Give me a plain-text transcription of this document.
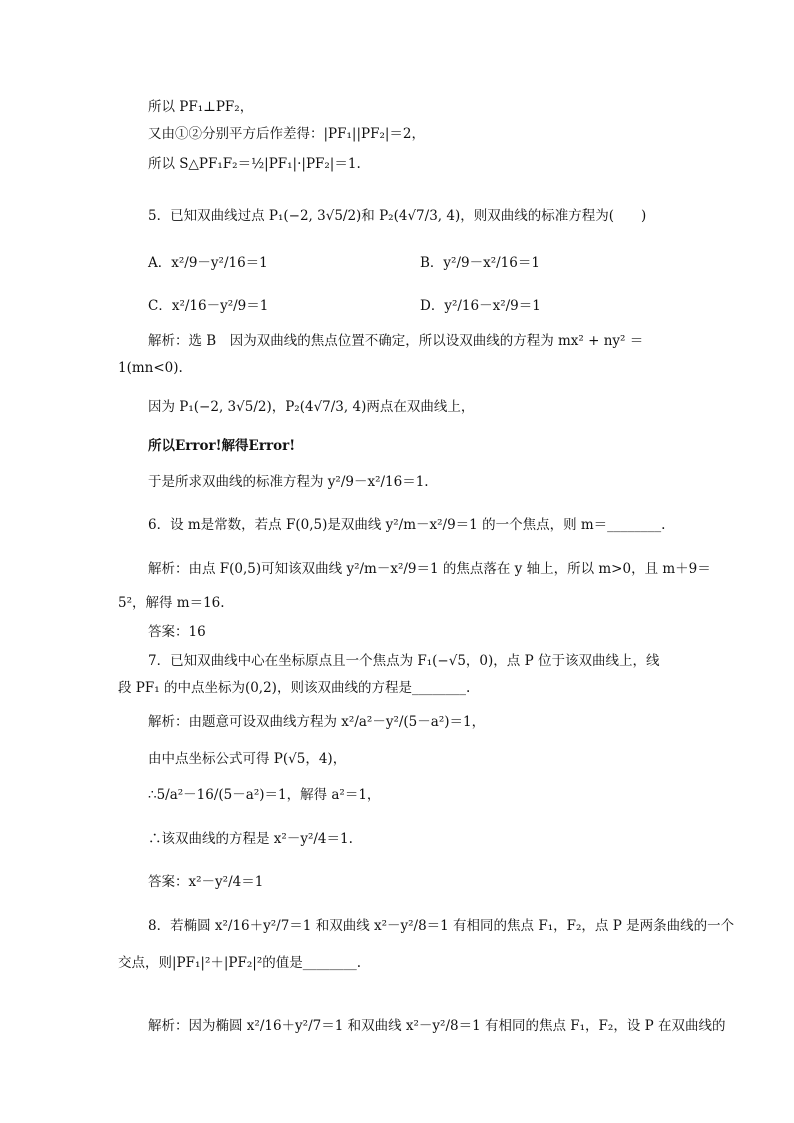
所以 PF₁⊥PF₂，
又由①②分别平方后作差得：|PF₁||PF₂|＝2，
所以 S△PF₁F₂＝½|PF₁|·|PF₂|＝1.
5．已知双曲线过点 P₁(−2, 3√5/2)和 P₂(4√7/3, 4)，则双曲线的标准方程为(　　)
A．x²/9－y²/16＝1	B．y²/9－x²/16＝1
C．x²/16－y²/9＝1	D．y²/16－x²/9＝1
解析：选 B　因为双曲线的焦点位置不确定，所以设双曲线的方程为 mx² + ny² ＝
1(mn<0).
因为 P₁(−2, 3√5/2)，P₂(4√7/3, 4)两点在双曲线上，
所以Error!解得Error!
于是所求双曲线的标准方程为 y²/9－x²/16＝1.
6．设 m是常数，若点 F(0,5)是双曲线 y²/m－x²/9＝1 的一个焦点，则 m＝________.
解析：由点 F(0,5)可知该双曲线 y²/m－x²/9＝1 的焦点落在 y 轴上，所以 m>0，且 m＋9＝
5²，解得 m＝16.
答案：16
7．已知双曲线中心在坐标原点且一个焦点为 F₁(−√5，0)，点 P 位于该双曲线上，线
段 PF₁ 的中点坐标为(0,2)，则该双曲线的方程是________.
解析：由题意可设双曲线方程为 x²/a²－y²/(5－a²)＝1，
由中点坐标公式可得 P(√5，4)，
∴5/a²－16/(5－a²)＝1，解得 a²＝1，
∴该双曲线的方程是 x²－y²/4＝1.
答案：x²－y²/4＝1
8．若椭圆 x²/16＋y²/7＝1 和双曲线 x²－y²/8＝1 有相同的焦点 F₁，F₂，点 P 是两条曲线的一个
交点，则|PF₁|²＋|PF₂|²的值是________.
解析：因为椭圆 x²/16＋y²/7＝1 和双曲线 x²－y²/8＝1 有相同的焦点 F₁，F₂，设 P 在双曲线的
